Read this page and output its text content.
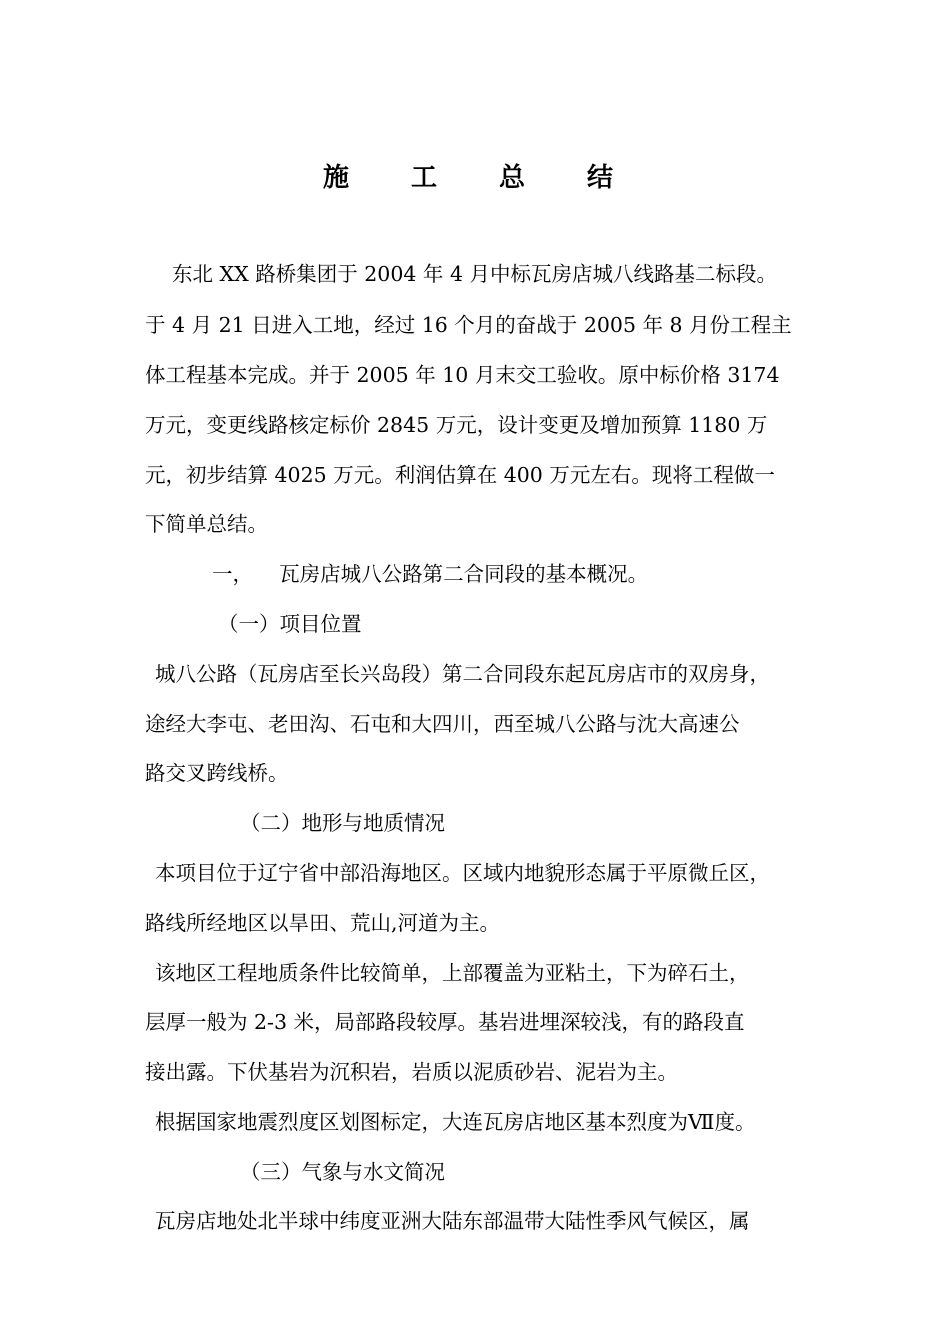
施 工 总 结
东北 XX 路桥集团于 2004 年 4 月中标瓦房店城八线路基二标段。
于 4 月 21 日进入工地，经过 16 个月的奋战于 2005 年 8 月份工程主
体工程基本完成。并于 2005 年 10 月末交工验收。原中标价格 3174
万元，变更线路核定标价 2845 万元，设计变更及增加预算 1180 万
元，初步结算 4025 万元。利润估算在 400 万元左右。现将工程做一
下简单总结。
一，    瓦房店城八公路第二合同段的基本概况。
（一）项目位置
城八公路（瓦房店至长兴岛段）第二合同段东起瓦房店市的双房身，
途经大李屯、老田沟、石屯和大四川，西至城八公路与沈大高速公
路交叉跨线桥。
（二）地形与地质情况
本项目位于辽宁省中部沿海地区。区域内地貌形态属于平原微丘区，
路线所经地区以旱田、荒山,河道为主。
该地区工程地质条件比较简单，上部覆盖为亚粘土，下为碎石土，
层厚一般为 2-3 米，局部路段较厚。基岩进埋深较浅，有的路段直
接出露。下伏基岩为沉积岩，岩质以泥质砂岩、泥岩为主。
根据国家地震烈度区划图标定，大连瓦房店地区基本烈度为Ⅶ度。
（三）气象与水文简况
瓦房店地处北半球中纬度亚洲大陆东部温带大陆性季风气候区，属
